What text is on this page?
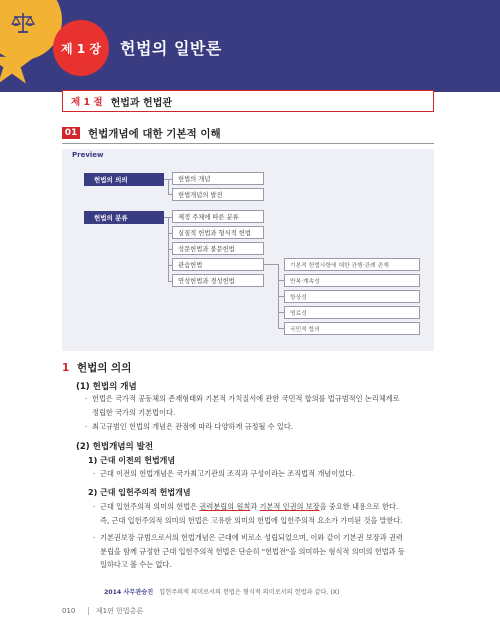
제 1 장	헌법의 일반론
제 1 절 헌법과 헌법관
01 헌법개념에 대한 기본적 이해
Preview
헌법의 의의	헌법의 개념
헌법개념의 발전
헌법의 분류	제정 주체에 따른 분류
실질적 헌법과 형식적 헌법
성문헌법과 불문헌법
관습헌법
연성헌법과 경성헌법
기본적 헌법사항에 대한 관행·관례 존재
반복·계속성
항상성
명료성
국민적 합의
1 헌법의 의의
(1) 헌법의 개념
· 헌법은 국가적 공동체의 존재형태와 기본적 가치질서에 관한 국민적 합의를 법규범적인 논리체계로
정립한 국가의 기본법이다.
· 최고규범인 헌법의 개념은 관점에 따라 다양하게 규정될 수 있다.
(2) 헌법개념의 발전
1) 근대 이전의 헌법개념
· 근대 이전의 헌법개념은 국가최고기관의 조직과 구성이라는 조직법적 개념이었다.
2) 근대 입헌주의적 헌법개념
· 근대 입헌주의적 의미의 헌법은 권력분립의 원칙과 기본적 인권의 보장을 중요한 내용으로 한다.
즉, 근대 입헌주의적 의미의 헌법은 고유한 의미의 헌법에 입헌주의적 요소가 가미된 것을 말한다.
· 기본권보장 규범으로서의 헌법개념은 근대에 비로소 성립되었으며, 이와 같이 기본권 보장과 권력
분립을 함께 규정한 근대 입헌주의적 헌법은 단순히 "헌법전"을 의미하는 형식적 의미의 헌법과 동
일하다고 볼 수는 없다.
2014 사무관승진 입헌주의적 의미로서의 헌법은 형식적 의미로서의 헌법과 같다. (X)
010	제1편 헌법총론
